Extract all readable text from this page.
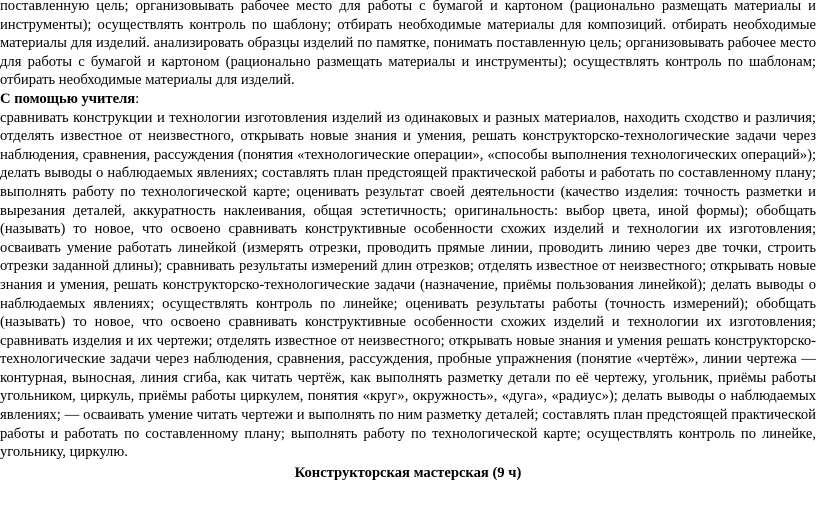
поставленную цель; организовывать рабочее место для работы с бумагой и картоном (рационально размещать материалы и инструменты); осуществлять контроль по шаблону; отбирать необходимые материалы для композиций. отбирать необходимые материалы для изделий. анализировать образцы изделий по памятке, понимать поставленную цель; организовывать рабочее место для работы с бумагой и картоном (рационально размещать материалы и инструменты); осуществлять контроль по шаблонам; отбирать необходимые материалы для изделий.

С помощью учителя:

сравнивать конструкции и технологии изготовления изделий из одинаковых и разных материалов, находить сходство и различия; отделять известное от неизвестного, открывать новые знания и умения, решать конструкторско-технологические задачи через наблюдения, сравнения, рассуждения (понятия «технологические операции», «способы выполнения технологических операций»); делать выводы о наблюдаемых явлениях; составлять план предстоящей практической работы и работать по составленному плану; выполнять работу по технологической карте; оценивать результат своей деятельности (качество изделия: точность разметки и вырезания деталей, аккуратность наклеивания, общая эстетичность; оригинальность: выбор цвета, иной формы); обобщать (называть) то новое, что освоено сравнивать конструктивные особенности схожих изделий и технологии их изготовления; осваивать умение работать линейкой (измерять отрезки, проводить прямые линии, проводить линию через две точки, строить отрезки заданной длины); сравнивать результаты измерений длин отрезков; отделять известное от неизвестного; открывать новые знания и умения, решать конструкторско-технологические задачи (назначение, приёмы пользования линейкой); делать выводы о наблюдаемых явлениях; осуществлять контроль по линейке; оценивать результаты работы (точность измерений); обобщать (называть) то новое, что освоено сравнивать конструктивные особенности схожих изделий и технологии их изготовления; сравнивать изделия и их чертежи; отделять известное от неизвестного; открывать новые знания и умения решать конструкторско-технологические задачи через наблюдения, сравнения, рассуждения, пробные упражнения (понятие «чертёж», линии чертежа — контурная, выносная, линия сгиба, как читать чертёж, как выполнять разметку детали по её чертежу, угольник, приёмы работы угольником, циркуль, приёмы работы циркулем, понятия «круг», окружность», «дуга», «радиус»); делать выводы о наблюдаемых явлениях; — осваивать умение читать чертежи и выполнять по ним разметку деталей; составлять план предстоящей практической работы и работать по составленному плану; выполнять работу по технологической карте; осуществлять контроль по линейке, угольнику, циркулю.

Конструкторская мастерская (9 ч)
